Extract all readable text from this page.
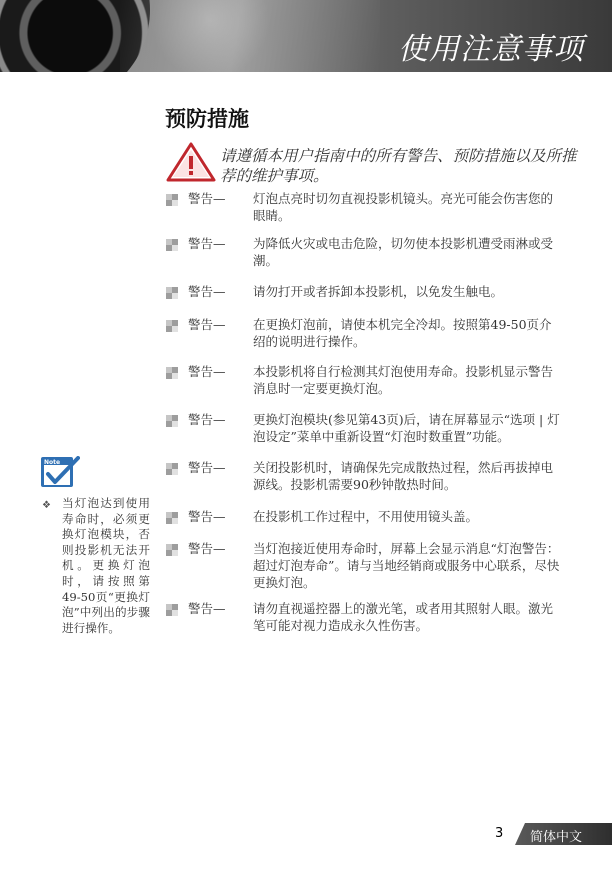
使用注意事项
预防措施
请遵循本用户指南中的所有警告、预防措施以及所推荐的维护事项。
警告— 灯泡点亮时切勿直视投影机镜头。亮光可能会伤害您的眼睛。
警告— 为降低火灾或电击危险，切勿使本投影机遭受雨淋或受潮。
警告— 请勿打开或者拆卸本投影机，以免发生触电。
警告— 在更换灯泡前，请使本机完全冷却。按照第49-50页介绍的说明进行操作。
警告— 本投影机将自行检测其灯泡使用寿命。投影机显示警告消息时一定要更换灯泡。
警告— 更换灯泡模块(参见第43页)后，请在屏幕显示“选项 | 灯泡设定”菜单中重新设置“灯泡时数重置”功能。
警告— 关闭投影机时，请确保先完成散热过程，然后再拔掉电源线。投影机需要90秒钟散热时间。
警告— 在投影机工作过程中，不用使用镜头盖。
警告— 当灯泡接近使用寿命时，屏幕上会显示消息“灯泡警告：超过灯泡寿命”。请与当地经销商或服务中心联系，尽快更换灯泡。
警告— 请勿直视遥控器上的激光笔，或者用其照射人眼。激光笔可能对视力造成永久性伤害。
Note
❖ 当灯泡达到使用寿命时，必须更换灯泡模块，否则投影机无法开机。更换灯泡时，请按照第49-50页“更换灯泡”中列出的步骤进行操作。
3 简体中文
